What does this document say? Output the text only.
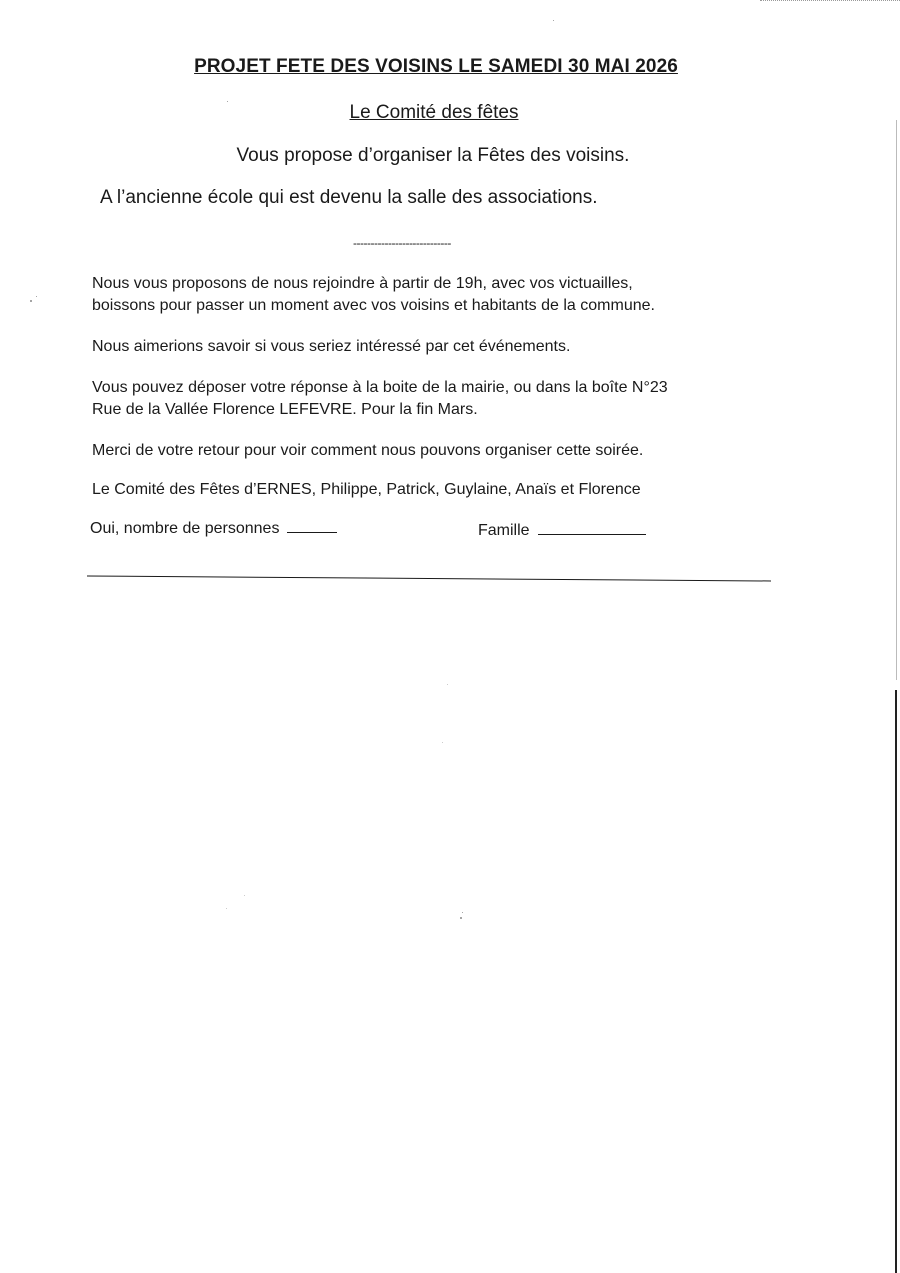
PROJET FETE DES VOISINS LE SAMEDI 30 MAI 2026
Le Comité des fêtes
Vous propose d’organiser la Fêtes des voisins.
A l’ancienne école qui est devenu la salle des associations.
----------------------------
Nous vous proposons de nous rejoindre à partir de 19h, avec vos victuailles,
boissons pour passer un moment avec vos voisins et habitants de la commune.
Nous aimerions savoir si vous seriez intéressé par cet événements.
Vous pouvez déposer votre réponse à la boite de la mairie, ou dans la boîte N°23
Rue de la Vallée Florence LEFEVRE. Pour la fin Mars.
Merci de votre retour pour voir comment nous pouvons organiser cette soirée.
Le Comité des Fêtes d’ERNES, Philippe, Patrick, Guylaine, Anaïs et Florence
Oui, nombre de personnes	Famille
